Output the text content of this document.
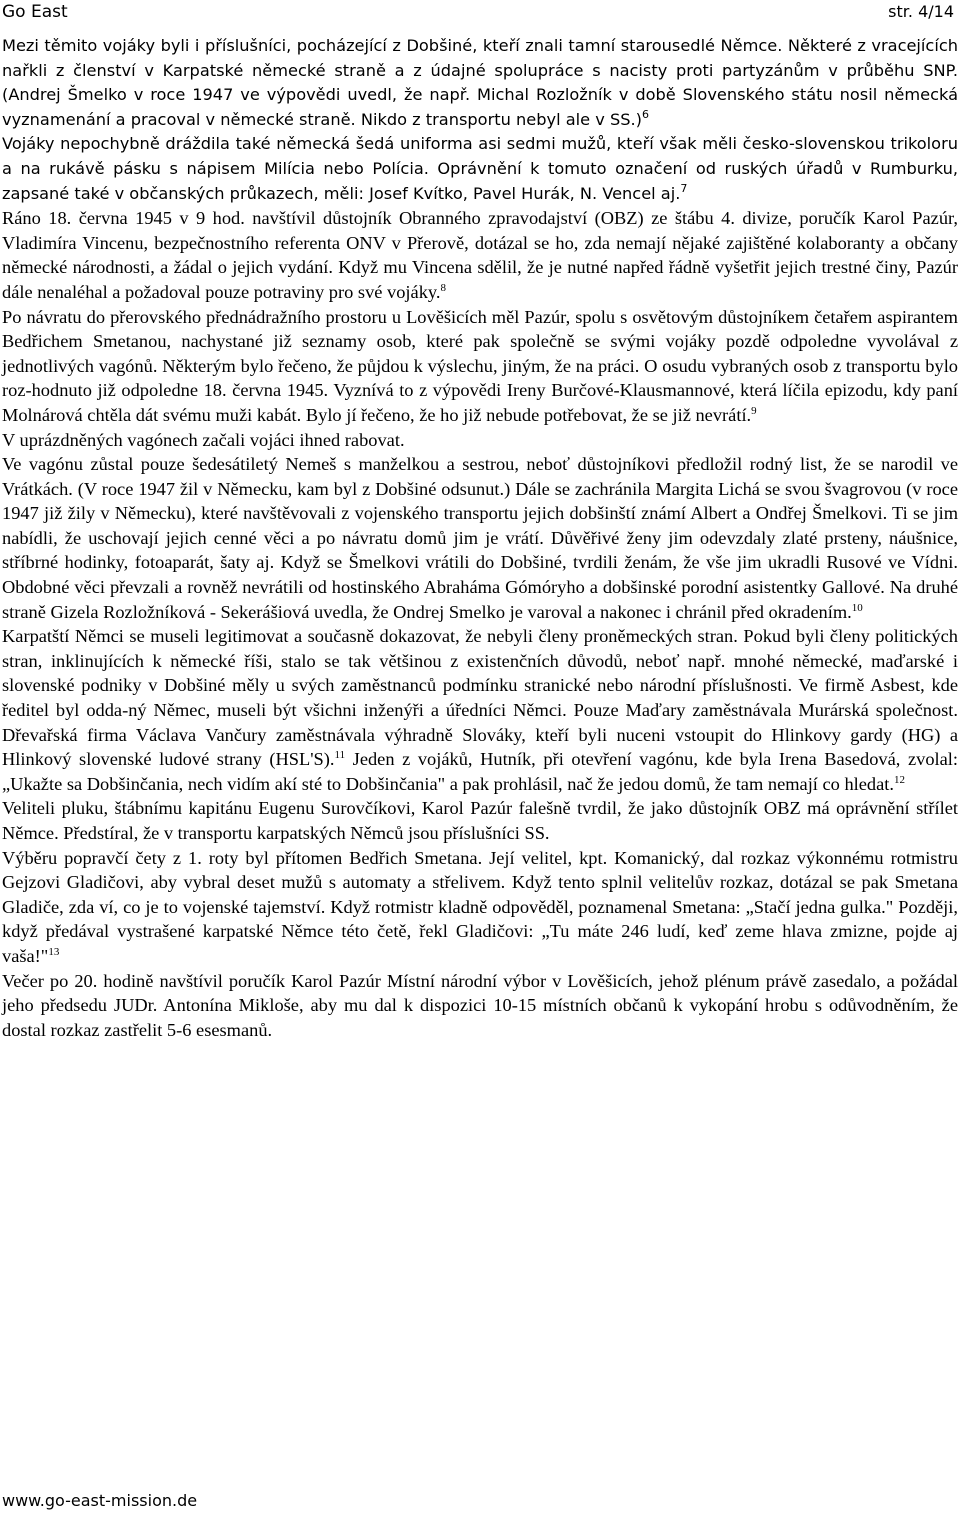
Go East	str. 4/14

Mezi těmito vojáky byli i příslušníci, pocházející z Dobšiné, kteří znali tamní starousedlé Němce. Některé z vracejících nařkli z členství v Karpatské německé straně a z údajné spolupráce s nacisty proti partyzánům v průběhu SNP. (Andrej Šmelko v roce 1947 ve výpovědi uvedl, že např. Michal Rozložník v době Slovenského státu nosil německá vyznamenání a pracoval v německé straně. Nikdo z transportu nebyl ale v SS.)$^6$

Vojáky nepochybně dráždila také německá šedá uniforma asi sedmi mužů, kteří však měli česko-slovenskou trikoloru a na rukávě pásku s nápisem Milícia nebo Polícia. Oprávnění k tomuto označení od ruských úřadů v Rumburku, zapsané také v občanských průkazech, měli: Josef Kvítko, Pavel Hurák, N. Vencel aj.$^7$

Ráno 18. června 1945 v 9 hod. navštívil důstojník Obranného zpravodajství (OBZ) ze štábu 4. divize, poručík Karol Pazúr, Vladimíra Vincenu, bezpečnostního referenta ONV v Přerově, dotázal se ho, zda nemají nějaké zajištěné kolaboranty a občany německé národnosti, a žádal o jejich vydání. Když mu Vincena sdělil, že je nutné napřed řádně vyšetřit jejich trestné činy, Pazúr dále nenaléhal a požadoval pouze potraviny pro své vojáky.$^8$

Po návratu do přerovského přednádražního prostoru u Lověšicích měl Pazúr, spolu s osvětovým důstojníkem četařem aspirantem Bedřichem Smetanou, nachystané již seznamy osob, které pak společně se svými vojáky pozdě odpoledne vyvolával z jednotlivých vagónů. Některým bylo řečeno, že půjdou k výslechu, jiným, že na práci. O osudu vybraných osob z transportu bylo roz-hodnuto již odpoledne 18. června 1945. Vyznívá to z výpovědi Ireny Burčové-Klausmannové, která líčila epizodu, kdy paní Molnárová chtěla dát svému muži kabát. Bylo jí řečeno, že ho již nebude potřebovat, že se již nevrátí.$^9$

V uprázdněných vagónech začali vojáci ihned rabovat.

Ve vagónu zůstal pouze šedesátiletý Nemeš s manželkou a sestrou, neboť důstojníkovi předložil rodný list, že se narodil ve Vrátkách. (V roce 1947 žil v Německu, kam byl z Dobšiné odsunut.) Dále se zachránila Margita Lichá se svou švagrovou (v roce 1947 již žily v Německu), které navštěvovali z vojenského transportu jejich dobšinští známí Albert a Ondřej Šmelkovi. Ti se jim nabídli, že uschovají jejich cenné věci a po návratu domů jim je vrátí. Důvěřivé ženy jim odevzdaly zlaté prsteny, náušnice, stříbrné hodinky, fotoaparát, šaty aj. Když se Šmelkovi vrátili do Dobšiné, tvrdili ženám, že vše jim ukradli Rusové ve Vídni. Obdobné věci převzali a rovněž nevrátili od hostinského Abraháma Gómóryho a dobšinské porodní asistentky Gallové. Na druhé straně Gizela Rozložníková - Sekerášiová uvedla, že Ondrej Smelko je varoval a nakonec i chránil před okradením.$^{10}$

Karpatští Němci se museli legitimovat a současně dokazovat, že nebyli členy proněmeckých stran. Pokud byli členy politických stran, inklinujících k německé říši, stalo se tak většinou z existenčních důvodů, neboť např. mnohé německé, maďarské i slovenské podniky v Dobšiné měly u svých zaměstnanců podmínku stranické nebo národní příslušnosti. Ve firmě Asbest, kde ředitel byl odda-ný Němec, museli být všichni inženýři a úředníci Němci. Pouze Maďary zaměstnávala Murárská společnost. Dřevařská firma Václava Vančury zaměstnávala výhradně Slováky, kteří byli nuceni vstoupit do Hlinkovy gardy (HG) a Hlinkový slovenské ludové strany (HSL'S).$^{11}$ Jeden z vojáků, Hutník, při otevření vagónu, kde byla Irena Basedová, zvolal: „Ukažte sa Dobšinčania, nech vidím akí sté to Dobšinčania" a pak prohlásil, nač že jedou domů, že tam nemají co hledat.$^{12}$

Veliteli pluku, štábnímu kapitánu Eugenu Surovčíkovi, Karol Pazúr falešně tvrdil, že jako důstojník OBZ má oprávnění střílet Němce. Předstíral, že v transportu karpatských Němců jsou příslušníci SS.

Výběru popravčí čety z 1. roty byl přítomen Bedřich Smetana. Její velitel, kpt. Komanický, dal rozkaz výkonnému rotmistru Gejzovi Gladičovi, aby vybral deset mužů s automaty a střelivem. Když tento splnil velitelův rozkaz, dotázal se pak Smetana Gladiče, zda ví, co je to vojenské tajemství. Když rotmistr kladně odpověděl, poznamenal Smetana: „Stačí jedna gulka." Později, když předával vystrašené karpatské Němce této četě, řekl Gladičovi: „Tu máte 246 ludí, keď zeme hlava zmizne, pojde aj vaša!"$^{13}$

Večer po 20. hodině navštívil poručík Karol Pazúr Místní národní výbor v Lověšicích, jehož plénum právě zasedalo, a požádal jeho předsedu JUDr. Antonína Mikloše, aby mu dal k dispozici 10-15 místních občanů k vykopání hrobu s odůvodněním, že dostal rozkaz zastřelit 5-6 esesmanů.

www.go-east-mission.de
